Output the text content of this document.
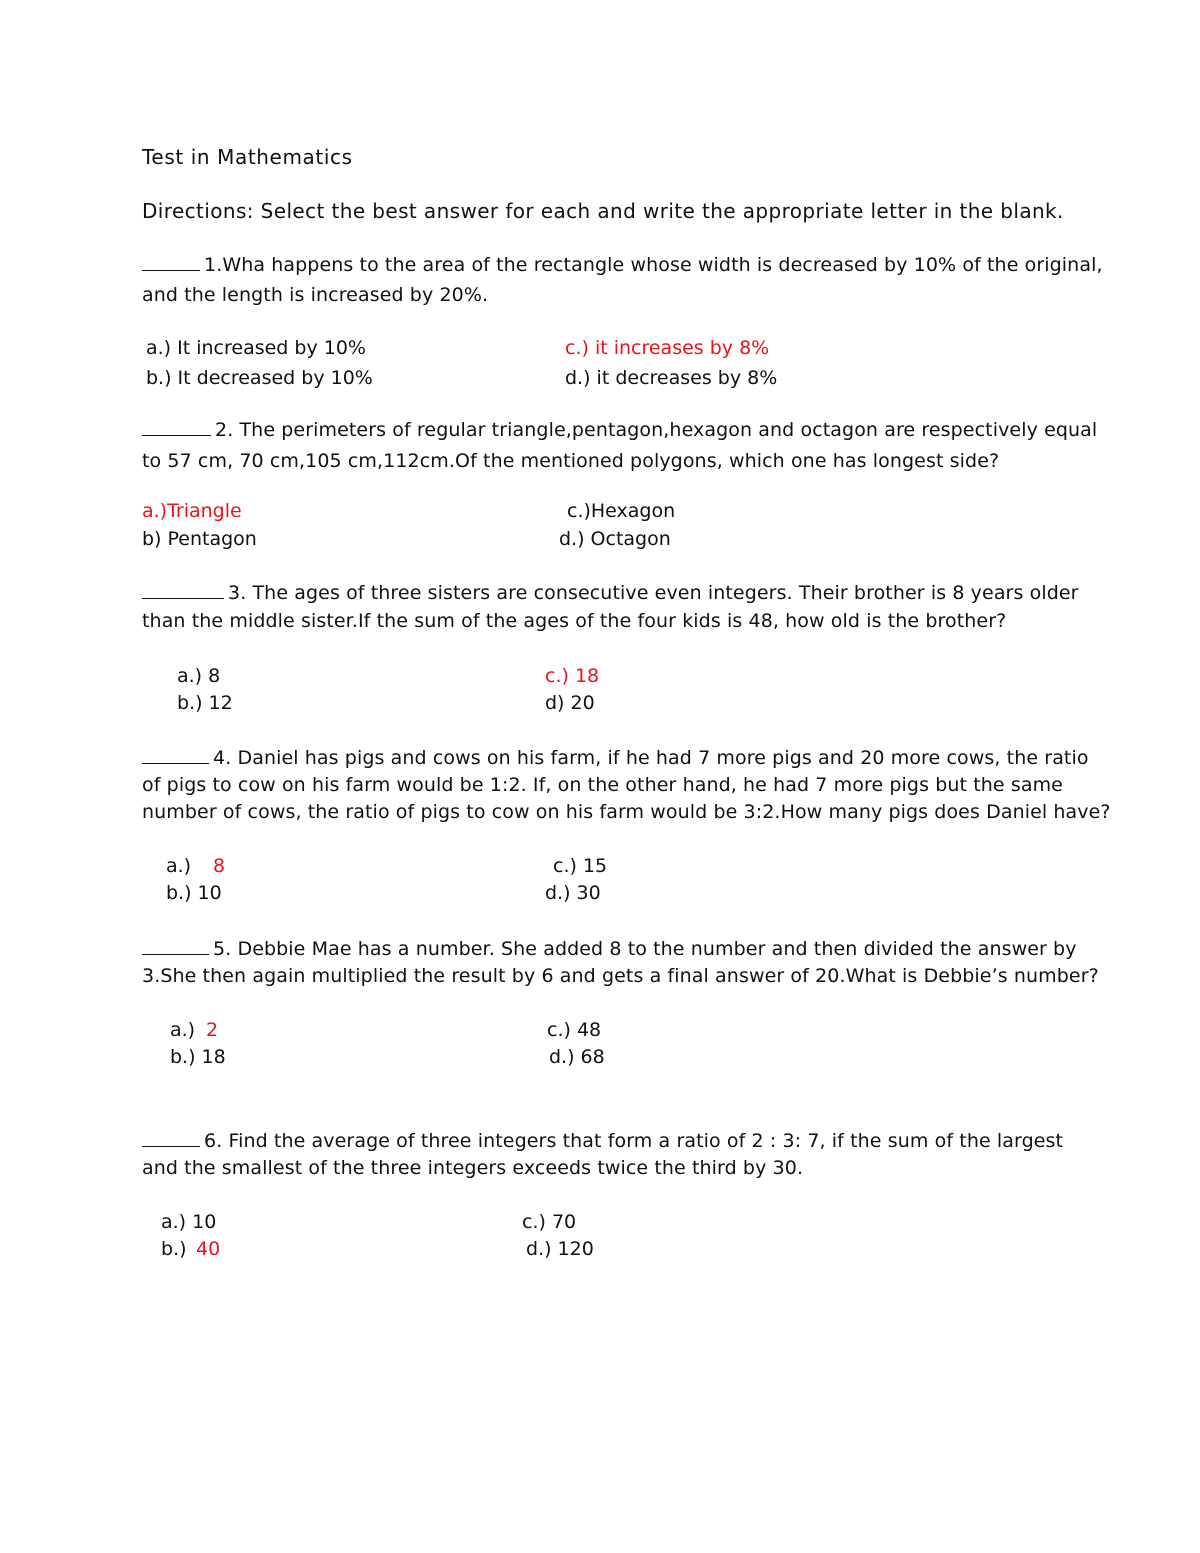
Test in Mathematics
Directions: Select the best answer for each and write the appropriate letter in the blank.
1.Wha happens to the area of the rectangle whose width is decreased by 10% of the original,
and the length is increased by 20%.
a.) It increased by 10%
b.) It decreased by 10%
c.) it increases by 8%
d.) it decreases by 8%
2. The perimeters of regular triangle,pentagon,hexagon and octagon are respectively equal
to 57 cm, 70 cm,105 cm,112cm.Of the mentioned polygons, which one has longest side?
a.)Triangle
b) Pentagon
c.)Hexagon
d.) Octagon
3. The ages of three sisters are consecutive even integers. Their brother is 8 years older
than the middle sister.If the sum of the ages of the four kids is 48, how old is the brother?
a.) 8
b.) 12
c.) 18
d) 20
4. Daniel has pigs and cows on his farm, if he had 7 more pigs and 20 more cows, the ratio
of pigs to cow on his farm would be 1:2. If, on the other hand, he had 7 more pigs but the same
number of cows, the ratio of pigs to cow on his farm would be 3:2.How many pigs does Daniel have?
a.) 8
b.) 10
c.) 15
d.) 30
5. Debbie Mae has a number. She added 8 to the number and then divided the answer by
3.She then again multiplied the result by 6 and gets a final answer of 20.What is Debbie’s number?
a.) 2
b.) 18
c.) 48
d.) 68
6. Find the average of three integers that form a ratio of 2 : 3: 7, if the sum of the largest
and the smallest of the three integers exceeds twice the third by 30.
a.) 10
b.) 40
c.) 70
d.) 120
